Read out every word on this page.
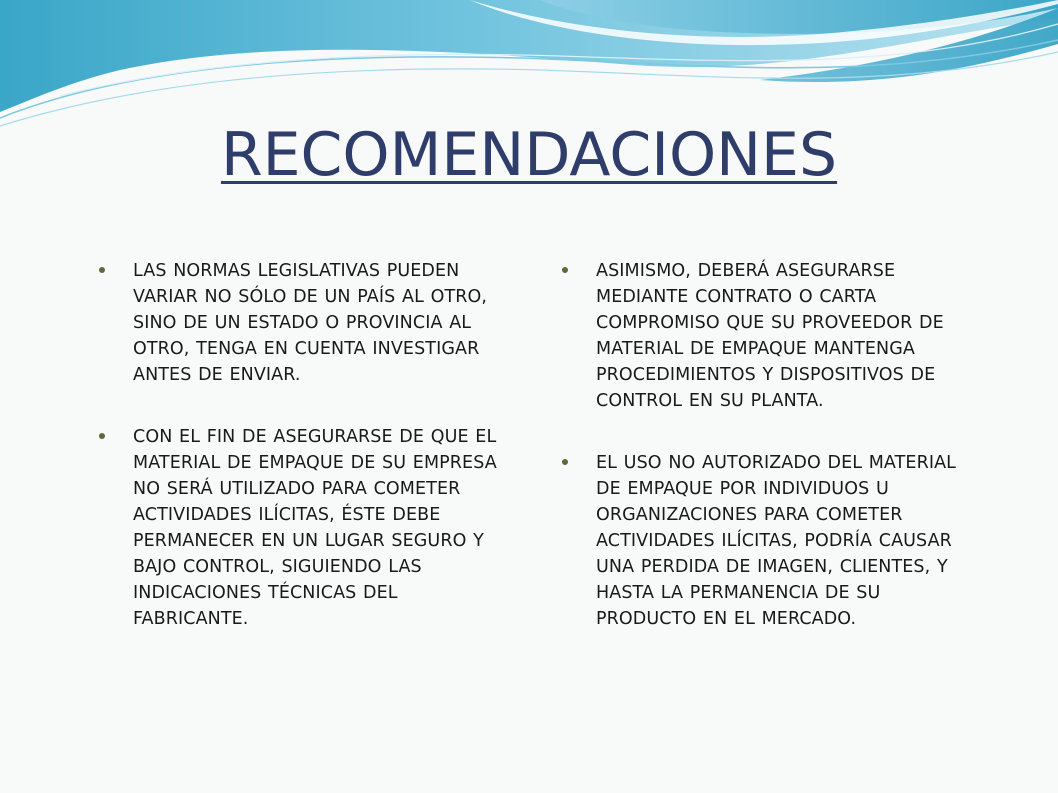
RECOMENDACIONES
LAS NORMAS LEGISLATIVAS PUEDEN VARIAR NO SÓLO DE UN PAÍS AL OTRO, SINO DE UN ESTADO O PROVINCIA AL OTRO, TENGA EN CUENTA INVESTIGAR ANTES DE ENVIAR.
CON EL FIN DE ASEGURARSE DE QUE EL MATERIAL DE EMPAQUE DE SU EMPRESA NO SERÁ UTILIZADO PARA COMETER ACTIVIDADES ILÍCITAS, ÉSTE DEBE PERMANECER EN UN LUGAR SEGURO Y BAJO CONTROL, SIGUIENDO LAS INDICACIONES TÉCNICAS DEL FABRICANTE.
ASIMISMO, DEBERÁ ASEGURARSE MEDIANTE CONTRATO O CARTA COMPROMISO QUE SU PROVEEDOR DE MATERIAL DE EMPAQUE MANTENGA PROCEDIMIENTOS Y DISPOSITIVOS DE CONTROL EN SU PLANTA.
EL USO NO AUTORIZADO DEL MATERIAL DE EMPAQUE POR INDIVIDUOS U ORGANIZACIONES PARA COMETER ACTIVIDADES ILÍCITAS, PODRÍA CAUSAR UNA PERDIDA DE IMAGEN, CLIENTES, Y HASTA LA PERMANENCIA DE SU PRODUCTO EN EL MERCADO.
